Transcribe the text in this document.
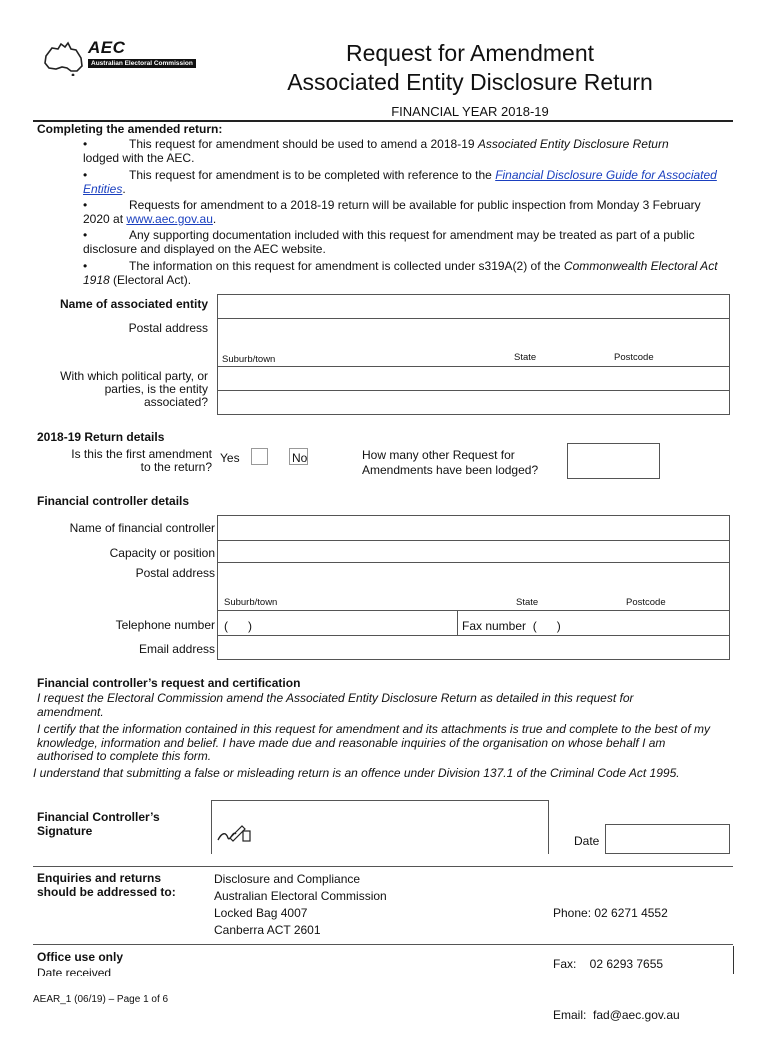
AEC
Australian Electoral Commission	Request for Amendment
Associated Entity Disclosure Return
FINANCIAL YEAR 2018-19
Completing the amended return:
•	This request for amendment should be used to amend a 2018-19 Associated Entity Disclosure Return
lodged with the AEC.
•	This request for amendment is to be completed with reference to the Financial Disclosure Guide for Associated Entities.
•	Requests for amendment to a 2018-19 return will be available for public inspection from Monday 3 February 2020 at www.aec.gov.au.
•	Any supporting documentation included with this request for amendment may be treated as part of a public disclosure and displayed on the AEC website.
•	The information on this request for amendment is collected under s319A(2) of the Commonwealth Electoral Act 1918 (Electoral Act).
Name of associated entity
Postal address
With which political party, or
parties, is the entity
associated?
Suburb/town	State	Postcode
2018-19 Return details
Is this the first amendment
to the return?
Yes	No	How many other Request for
Amendments have been lodged?
Financial controller details
Name of financial controller
Capacity or position
Postal address
Telephone number
Email address
Suburb/town	State	Postcode
(      )	Fax number  (      )
Financial controller’s request and certification
I request the Electoral Commission amend the Associated Entity Disclosure Return as detailed in this request for amendment.
I certify that the information contained in this request for amendment and its attachments is true and complete to the best of my knowledge, information and belief. I have made due and reasonable inquiries of the organisation on whose behalf I am authorised to complete this form.
I understand that submitting a false or misleading return is an offence under Division 137.1 of the Criminal Code Act 1995.
Financial Controller’s
Signature
Date
Enquiries and returns
should be addressed to:
Disclosure and Compliance
Australian Electoral Commission
Locked Bag 4007
Canberra ACT 2601

Phone: 02 6271 4552

Fax:    02 6293 7655

Email:  fad@aec.gov.au

Office use only
Date received
AEAR_1 (06/19) – Page 1 of 6
